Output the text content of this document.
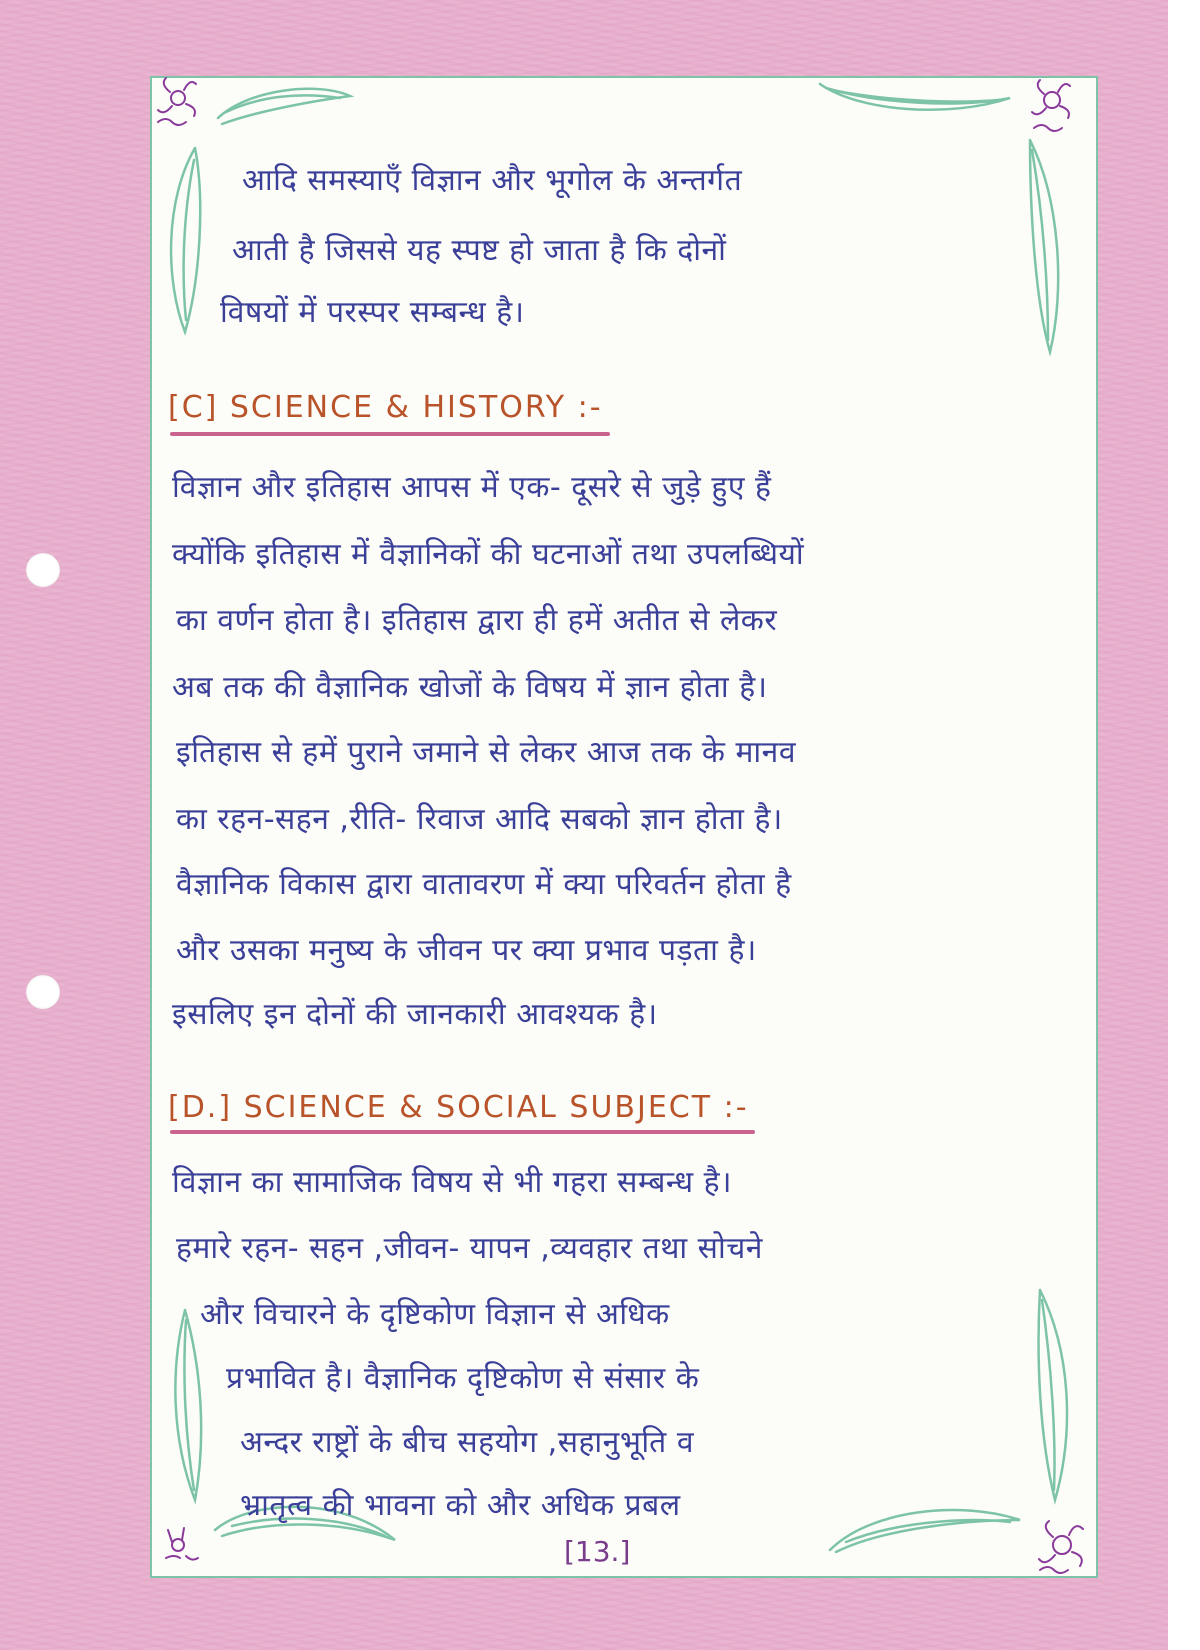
आदि समस्याएँ विज्ञान और भूगोल के अन्तर्गत
आती है जिससे यह स्पष्ट हो जाता है कि दोनों
विषयों में परस्पर सम्बन्ध है।
[C] SCIENCE & HISTORY :-
विज्ञान और इतिहास आपस में एक- दूसरे से जुड़े हुए हैं
क्योंकि इतिहास में वैज्ञानिकों की घटनाओं तथा उपलब्धियों
का वर्णन होता है। इतिहास द्वारा ही हमें अतीत से लेकर
अब तक की वैज्ञानिक खोजों के विषय में ज्ञान होता है।
इतिहास से हमें पुराने जमाने से लेकर आज तक के मानव
का रहन-सहन ,रीति- रिवाज आदि सबको ज्ञान होता है।
वैज्ञानिक विकास द्वारा वातावरण में क्या परिवर्तन होता है
और उसका मनुष्य के जीवन पर क्या प्रभाव पड़ता है।
इसलिए इन दोनों की जानकारी आवश्यक है।
[D.] SCIENCE & SOCIAL SUBJECT :-
विज्ञान का सामाजिक विषय से भी गहरा सम्बन्ध है।
हमारे रहन- सहन ,जीवन- यापन ,व्यवहार तथा सोचने
और विचारने के दृष्टिकोण विज्ञान से अधिक
प्रभावित है। वैज्ञानिक दृष्टिकोण से संसार के
अन्दर राष्ट्रों के बीच सहयोग ,सहानुभूति व
भ्रातृत्व की भावना को और अधिक प्रबल
[13.]
